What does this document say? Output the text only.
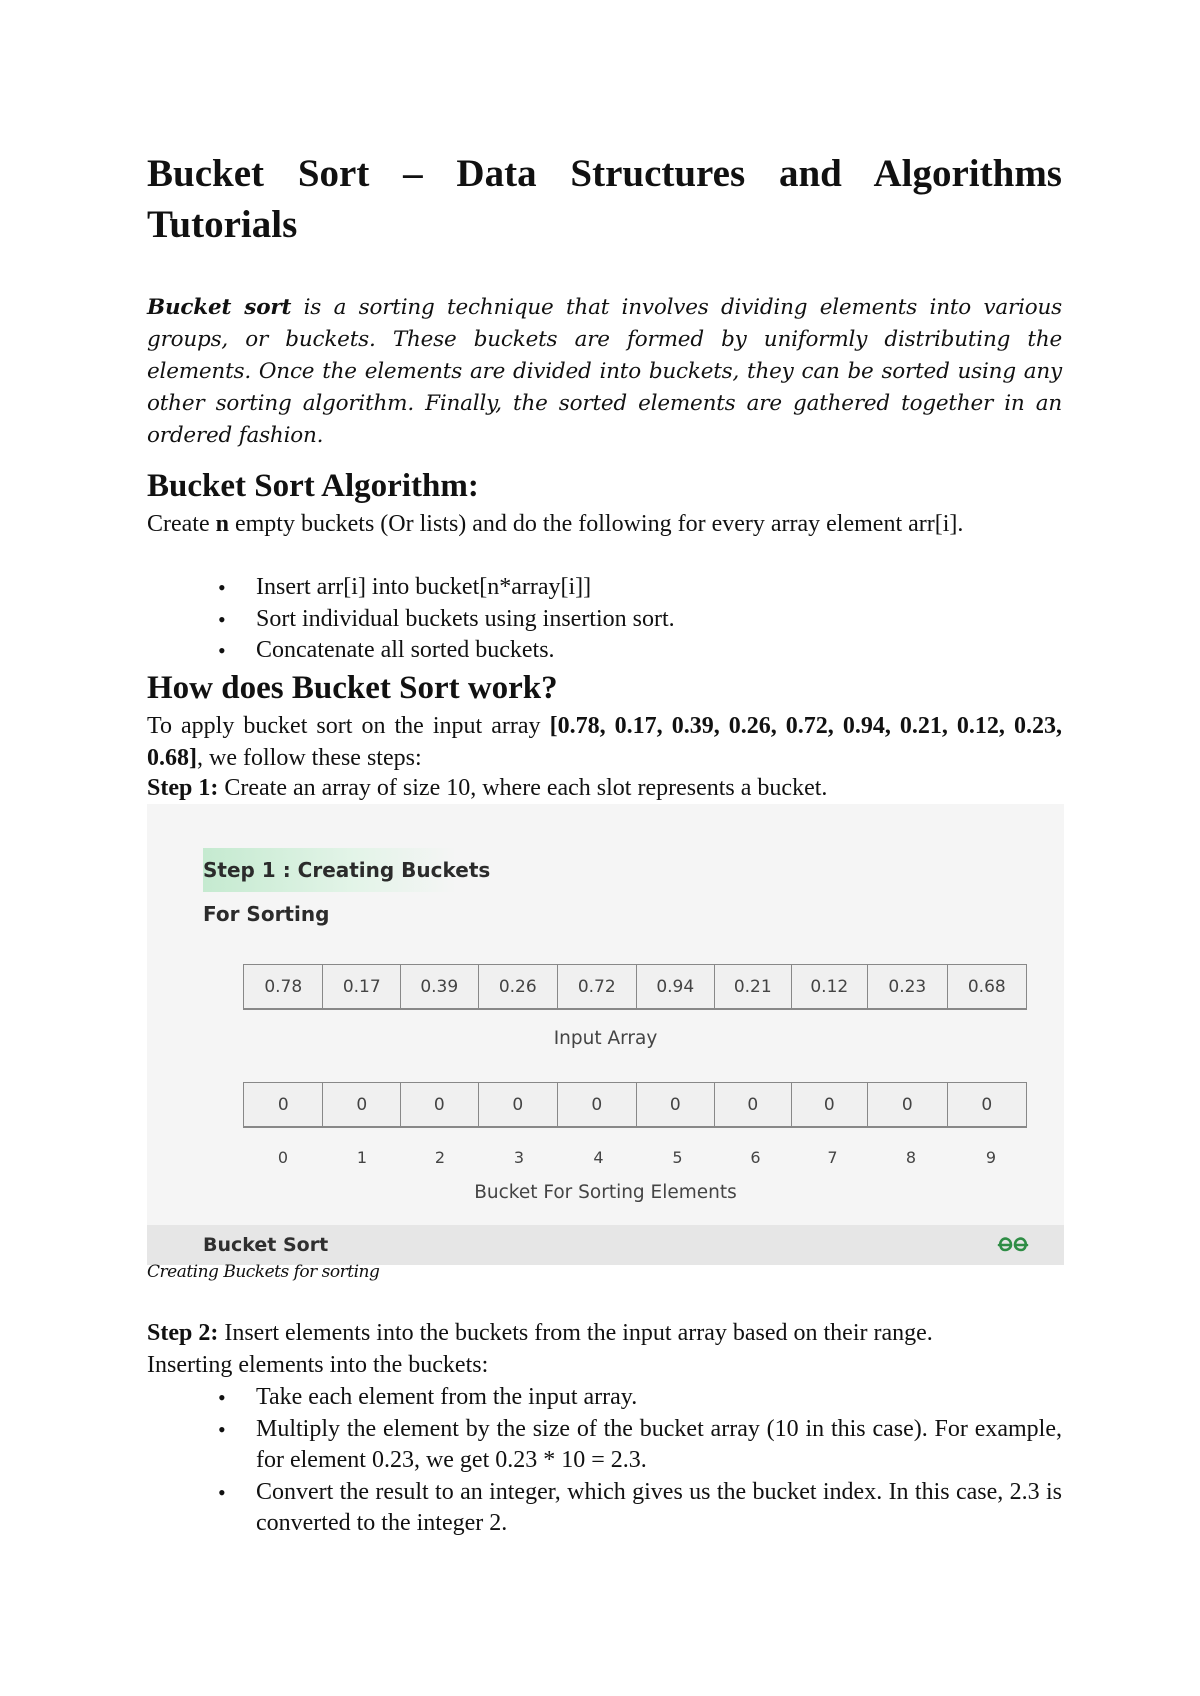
Bucket Sort – Data Structures and Algorithms Tutorials

Bucket sort is a sorting technique that involves dividing elements into various groups, or buckets. These buckets are formed by uniformly distributing the elements. Once the elements are divided into buckets, they can be sorted using any other sorting algorithm. Finally, the sorted elements are gathered together in an ordered fashion.

Bucket Sort Algorithm:

Create n empty buckets (Or lists) and do the following for every array element arr[i].

• Insert arr[i] into bucket[n*array[i]]
• Sort individual buckets using insertion sort.
• Concatenate all sorted buckets.
How does Bucket Sort work?

To apply bucket sort on the input array [0.78, 0.17, 0.39, 0.26, 0.72, 0.94, 0.21, 0.12, 0.23, 0.68], we follow these steps:

Step 1: Create an array of size 10, where each slot represents a bucket.

Step 1 : Creating Buckets For Sorting
0.78	0.17	0.39	0.26	0.72	0.94	0.21	0.12	0.23	0.68
Input Array
0	0	0	0	0	0	0	0	0	0
0	1	2	3	4	5	6	7	8	9
Bucket For Sorting Elements
Bucket Sort
Creating Buckets for sorting

Step 2: Insert elements into the buckets from the input array based on their range.

Inserting elements into the buckets:

• Take each element from the input array.
• Multiply the element by the size of the bucket array (10 in this case). For example, for element 0.23, we get 0.23 * 10 = 2.3.
• Convert the result to an integer, which gives us the bucket index. In this case, 2.3 is converted to the integer 2.
